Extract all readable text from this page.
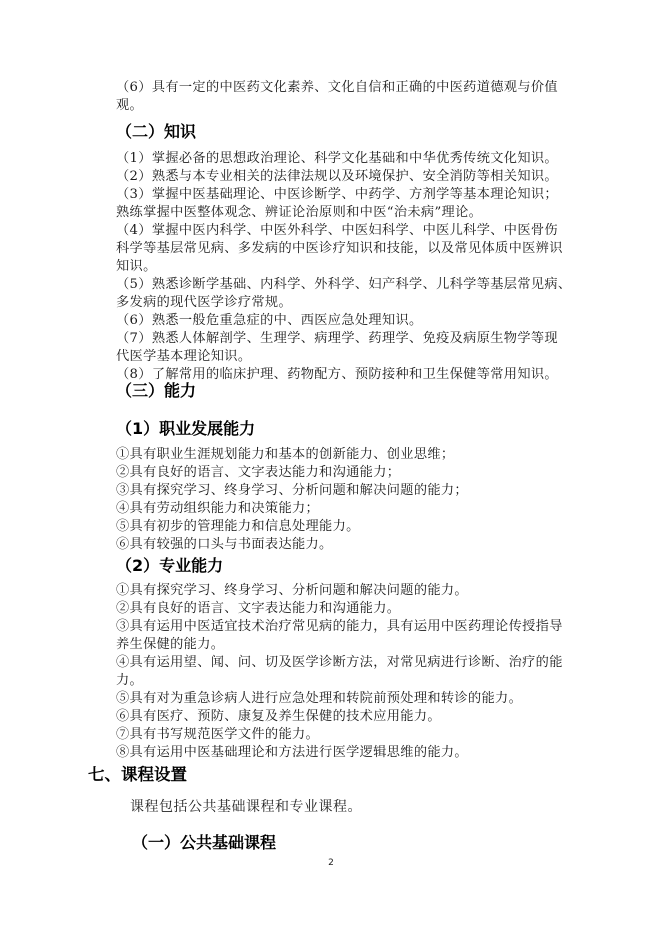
（6）具有一定的中医药文化素养、文化自信和正确的中医药道德观与价值
观。
（二）知识
（1）掌握必备的思想政治理论、科学文化基础和中华优秀传统文化知识。
（2）熟悉与本专业相关的法律法规以及环境保护、安全消防等相关知识。
（3）掌握中医基础理论、中医诊断学、中药学、方剂学等基本理论知识；
熟练掌握中医整体观念、辨证论治原则和中医“治未病”理论。
（4）掌握中医内科学、中医外科学、中医妇科学、中医儿科学、中医骨伤
科学等基层常见病、多发病的中医诊疗知识和技能，以及常见体质中医辨识
知识。
（5）熟悉诊断学基础、内科学、外科学、妇产科学、儿科学等基层常见病、
多发病的现代医学诊疗常规。
（6）熟悉一般危重急症的中、西医应急处理知识。
（7）熟悉人体解剖学、生理学、病理学、药理学、免疫及病原生物学等现
代医学基本理论知识。
（8）了解常用的临床护理、药物配方、预防接种和卫生保健等常用知识。
（三）能力
（1）职业发展能力
①具有职业生涯规划能力和基本的创新能力、创业思维；
②具有良好的语言、文字表达能力和沟通能力；
③具有探究学习、终身学习、分析问题和解决问题的能力；
④具有劳动组织能力和决策能力；
⑤具有初步的管理能力和信息处理能力。
⑥具有较强的口头与书面表达能力。
（2）专业能力
①具有探究学习、终身学习、分析问题和解决问题的能力。
②具有良好的语言、文字表达能力和沟通能力。
③具有运用中医适宜技术治疗常见病的能力，具有运用中医药理论传授指导
养生保健的能力。
④具有运用望、闻、问、切及医学诊断方法，对常见病进行诊断、治疗的能
力。
⑤具有对为重急诊病人进行应急处理和转院前预处理和转诊的能力。
⑥具有医疗、预防、康复及养生保健的技术应用能力。
⑦具有书写规范医学文件的能力。
⑧具有运用中医基础理论和方法进行医学逻辑思维的能力。
七、课程设置
课程包括公共基础课程和专业课程。
（一）公共基础课程
2
